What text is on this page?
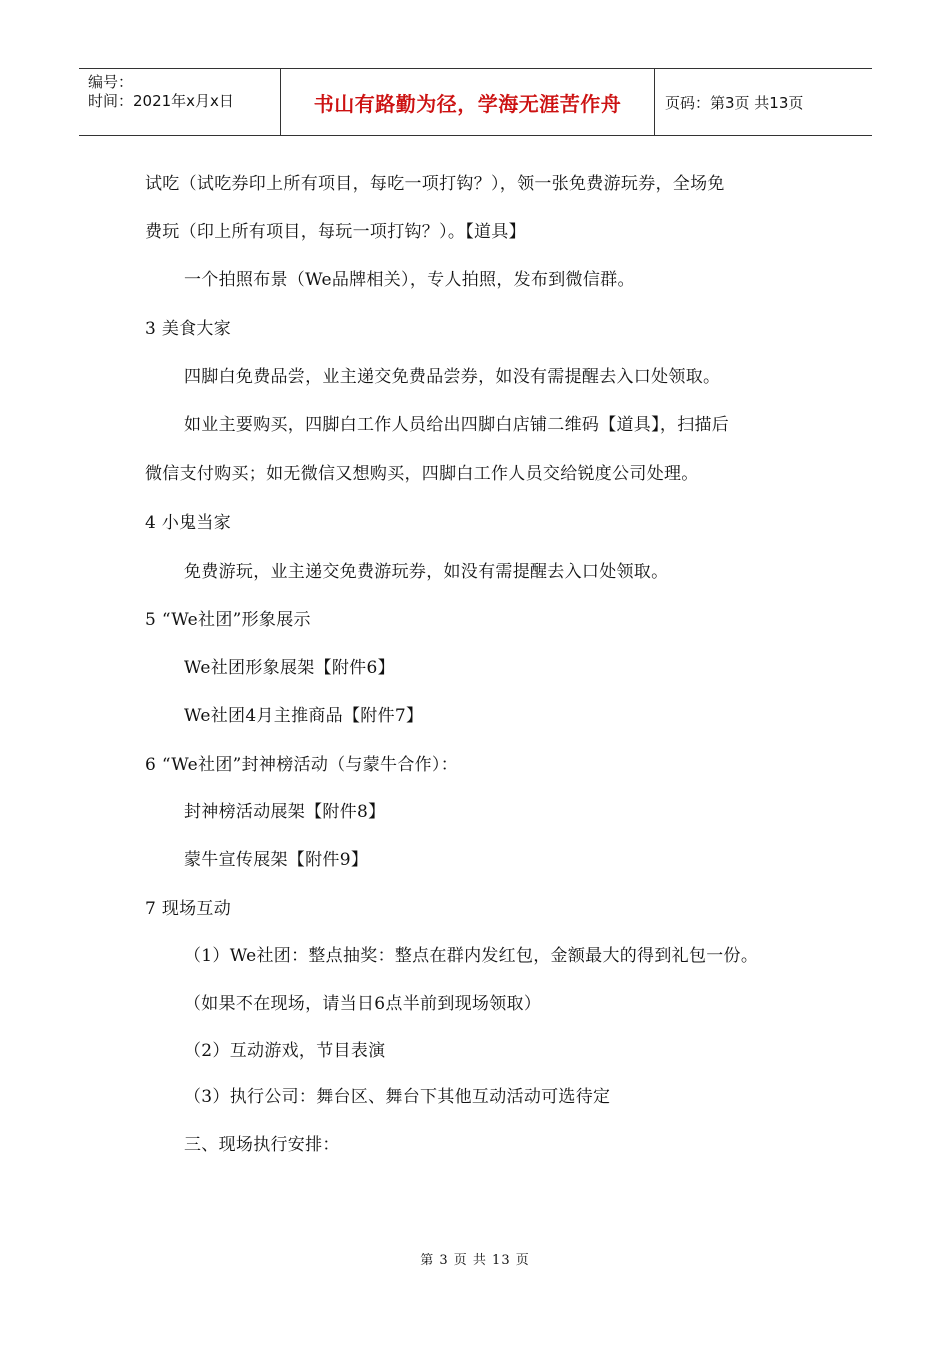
编号：
时间：2021年x月x日	书山有路勤为径，学海无涯苦作舟	页码：第3页 共13页
试吃（试吃券印上所有项目，每吃一项打钩？），领一张免费游玩券，全场免
费玩（印上所有项目，每玩一项打钩？）。【道具】
一个拍照布景（We品牌相关），专人拍照，发布到微信群。
3 美食大家
四脚白免费品尝，业主递交免费品尝券，如没有需提醒去入口处领取。
如业主要购买，四脚白工作人员给出四脚白店铺二维码【道具】，扫描后
微信支付购买；如无微信又想购买，四脚白工作人员交给锐度公司处理。
4 小鬼当家
免费游玩，业主递交免费游玩券，如没有需提醒去入口处领取。
5 “We社团”形象展示
We社团形象展架【附件6】
We社团4月主推商品【附件7】
6 “We社团”封神榜活动（与蒙牛合作）：
封神榜活动展架【附件8】
蒙牛宣传展架【附件9】
7 现场互动
（1）We社团：整点抽奖：整点在群内发红包，金额最大的得到礼包一份。
（如果不在现场，请当日6点半前到现场领取）
（2）互动游戏，节目表演
（3）执行公司：舞台区、舞台下其他互动活动可选待定
三、现场执行安排：
第 3 页 共 13 页
